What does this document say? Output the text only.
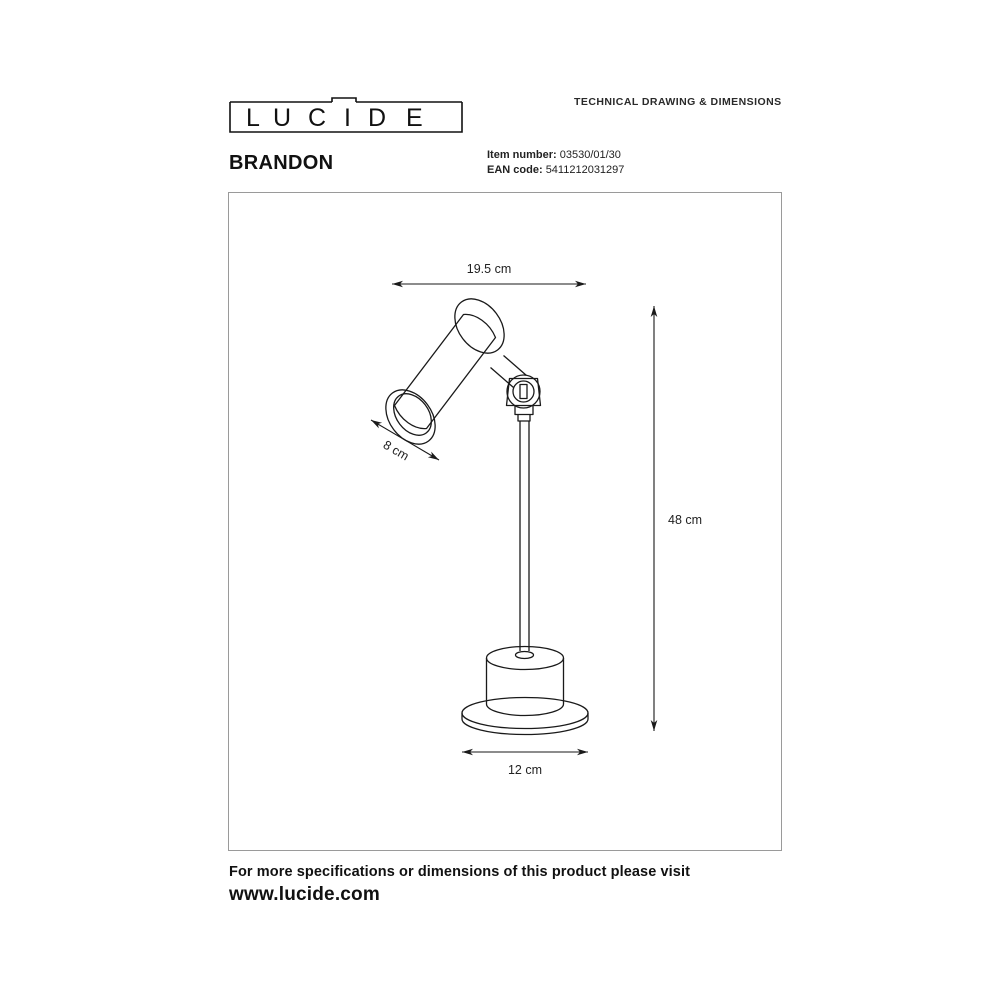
L U C I D E
TECHNICAL DRAWING & DIMENSIONS
BRANDON	Item number: 03530/01/30
EAN code: 5411212031297
19.5 cm
8 cm
48 cm
12 cm
For more specifications or dimensions of this product please visit
www.lucide.com
